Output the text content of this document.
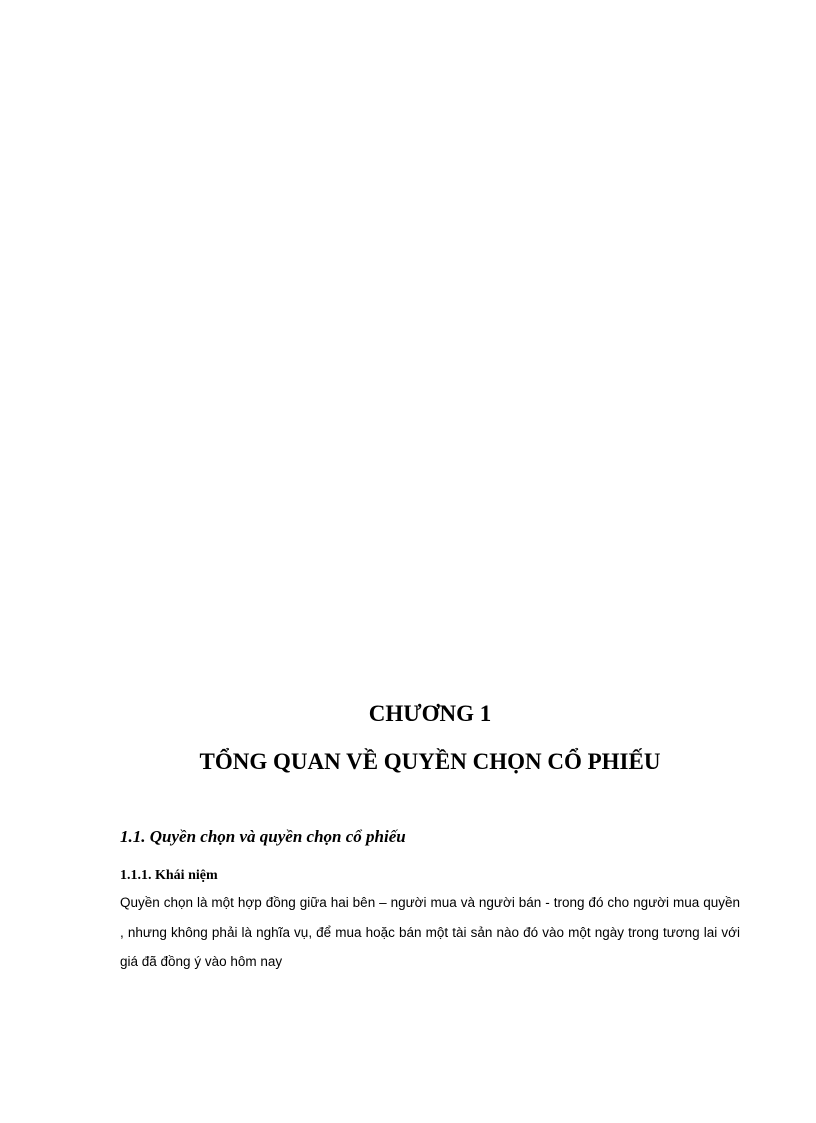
CHƯƠNG 1
TỔNG QUAN VỀ QUYỀN CHỌN CỔ PHIẾU
1.1. Quyền chọn và quyền chọn cổ phiếu
1.1.1. Khái niệm

Quyền chọn là một hợp đồng giữa hai bên – người mua và người bán - trong đó cho người mua quyền , nhưng không phải là nghĩa vụ, để mua hoặc bán một tài sản nào đó vào một ngày trong tương lai với giá đã đồng ý vào hôm nay
